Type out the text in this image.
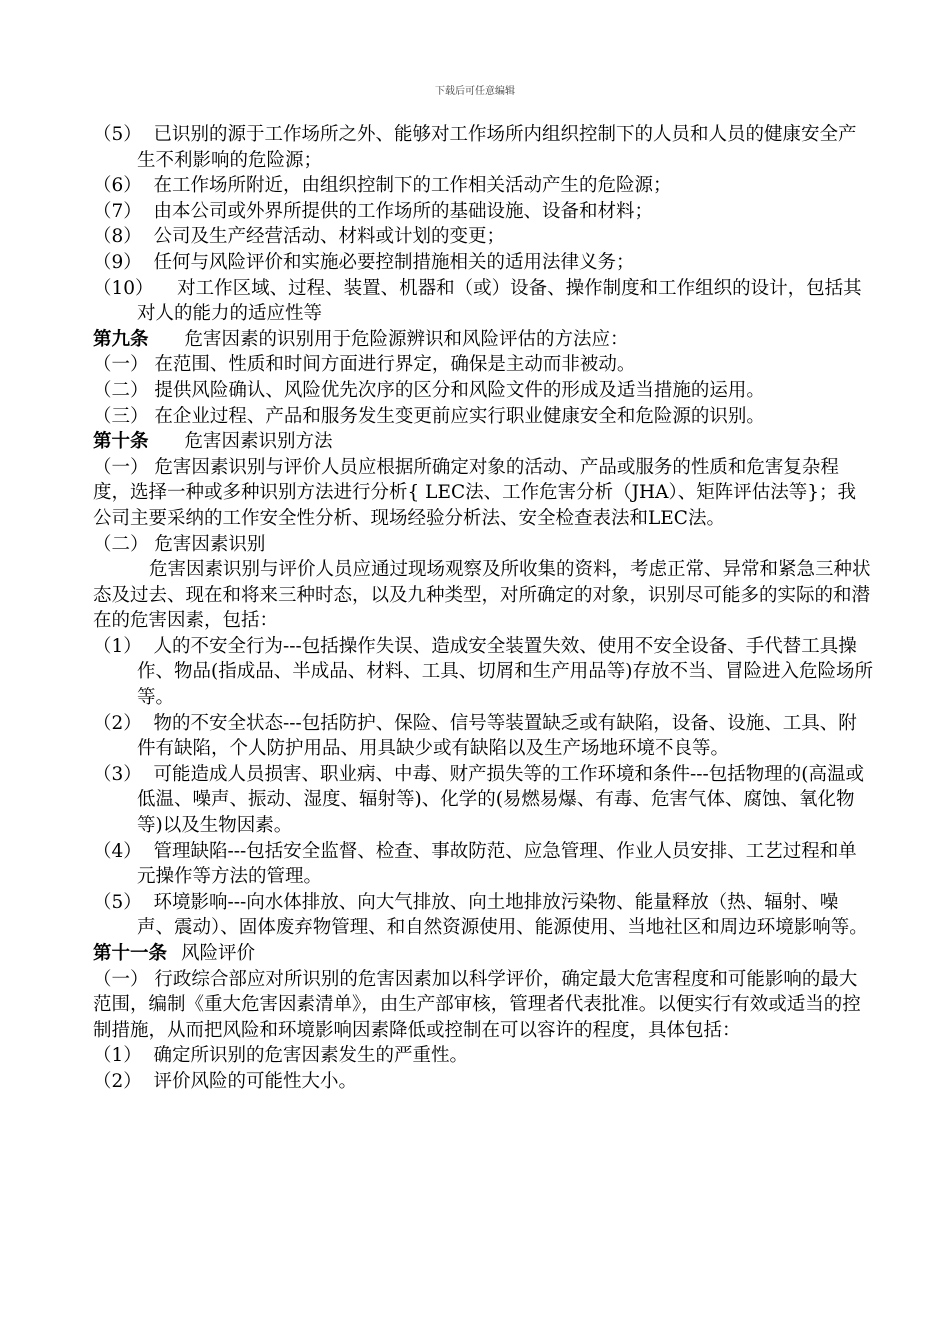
下载后可任意编辑
（5）  已识别的源于工作场所之外、能够对工作场所内组织控制下的人员和人员的健康安全产生不利影响的危险源；
（6）  在工作场所附近，由组织控制下的工作相关活动产生的危险源；
（7）  由本公司或外界所提供的工作场所的基础设施、设备和材料；
（8）  公司及生产经营活动、材料或计划的变更；
（9）  任何与风险评价和实施必要控制措施相关的适用法律义务；
（10）    对工作区域、过程、装置、机器和（或）设备、操作制度和工作组织的设计，包括其对人的能力的适应性等
第九条 危害因素的识别用于危险源辨识和风险评估的方法应：
（一） 在范围、性质和时间方面进行界定，确保是主动而非被动。
（二） 提供风险确认、风险优先次序的区分和风险文件的形成及适当措施的运用。
（三） 在企业过程、产品和服务发生变更前应实行职业健康安全和危险源的识别。
第十条 危害因素识别方法
（一） 危害因素识别与评价人员应根据所确定对象的活动、产品或服务的性质和危害复杂程度，选择一种或多种识别方法进行分析{ LEC法、工作危害分析（JHA）、矩阵评估法等}；我公司主要采纳的工作安全性分析、现场经验分析法、安全检查表法和LEC法。
（二） 危害因素识别
危害因素识别与评价人员应通过现场观察及所收集的资料，考虑正常、异常和紧急三种状态及过去、现在和将来三种时态，以及九种类型，对所确定的对象，识别尽可能多的实际的和潜在的危害因素，包括：
（1）  人的不安全行为---包括操作失误、造成安全装置失效、使用不安全设备、手代替工具操作、物品(指成品、半成品、材料、工具、切屑和生产用品等)存放不当、冒险进入危险场所等。
（2）  物的不安全状态---包括防护、保险、信号等装置缺乏或有缺陷，设备、设施、工具、附件有缺陷，个人防护用品、用具缺少或有缺陷以及生产场地环境不良等。
（3）  可能造成人员损害、职业病、中毒、财产损失等的工作环境和条件---包括物理的(高温或低温、噪声、振动、湿度、辐射等)、化学的(易燃易爆、有毒、危害气体、腐蚀、氧化物等)以及生物因素。
（4）  管理缺陷---包括安全监督、检查、事故防范、应急管理、作业人员安排、工艺过程和单元操作等方法的管理。
（5）  环境影响---向水体排放、向大气排放、向土地排放污染物、能量释放（热、辐射、噪声、震动）、固体废弃物管理、和自然资源使用、能源使用、当地社区和周边环境影响等。
第十一条 风险评价
（一） 行政综合部应对所识别的危害因素加以科学评价，确定最大危害程度和可能影响的最大范围，编制《重大危害因素清单》，由生产部审核，管理者代表批准。以便实行有效或适当的控制措施，从而把风险和环境影响因素降低或控制在可以容许的程度，具体包括：
（1）  确定所识别的危害因素发生的严重性。
（2）  评价风险的可能性大小。
